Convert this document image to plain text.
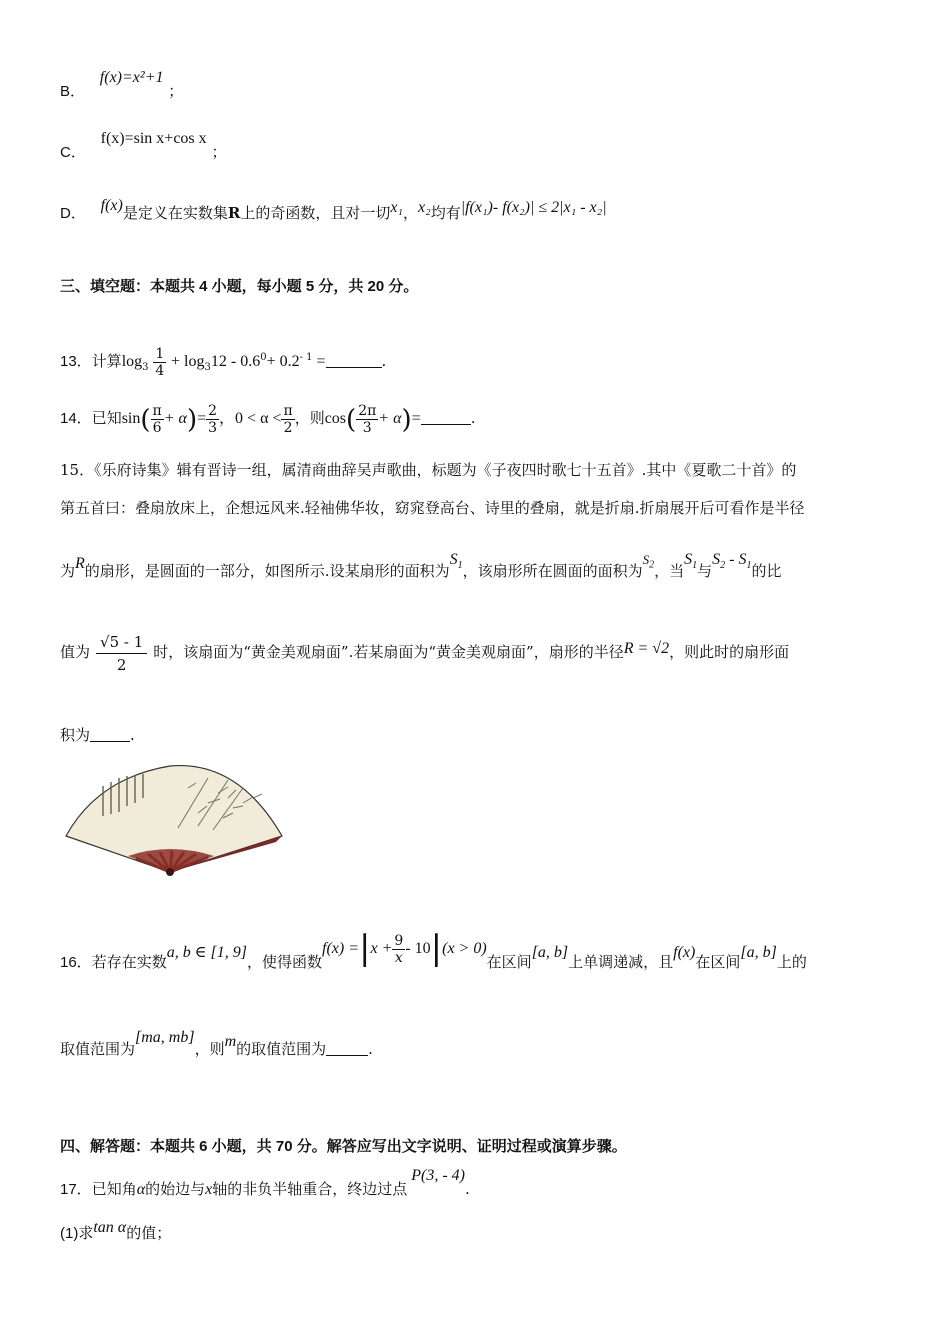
B． f(x)=x²+1 ；
C． f(x)=sin x+cos x ；
D． f(x)是定义在实数集R上的奇函数，且对一切x₁，x₂均有|f(x₁)- f(x₂)| ≤ 2|x₁ - x₂|
三、填空题：本题共 4 小题，每小题 5 分，共 20 分。
13．计算$\log_3 \frac{1}{4} + \log_312 - 0.6^0+ 0.2^{- 1}$ =	.
14．已知$\sin( \frac{\pi}{6} + \alpha)= \frac{2}{3}$ ，$0 < \alpha < \frac{\pi}{2}$ ，则$\cos( \frac{2\pi}{3} + \alpha)=$	.
15．《乐府诗集》辑有晋诗一组，属清商曲辞吴声歌曲，标题为《子夜四时歌七十五首》.其中《夏歌二十首》的
第五首曰：叠扇放床上，企想远风来.轻袖佛华妆，窈窕登高台、诗里的叠扇，就是折扇.折扇展开后可看作是半径
为R的扇形，是圆面的一部分，如图所示.设某扇形的面积为$S_1$，该扇形所在圆面的面积为$S_2$，当$S_1$与$S_2 - S_1$的比
值为 $\frac{√5 - 1}{2}$ 时，该扇面为“黄金美观扇面”.若某扇面为“黄金美观扇面”，扇形的半径R = √2，则此时的扇形面
积为	.
16．若存在实数a, b ∈ [1, 9]，使得函数$f(x) =|x + \frac{9}{x} - 10|(x > 0)$在区间[a, b]上单调递减，且f(x)在区间[a, b]上的
取值范围为[ma, mb]，则m的取值范围为	.
四、解答题：本题共 6 小题，共 70 分。解答应写出文字说明、证明过程或演算步骤。
17．已知角α的始边与x轴的非负半轴重合，终边过点P(3, - 4).
(1)求tan α的值；
